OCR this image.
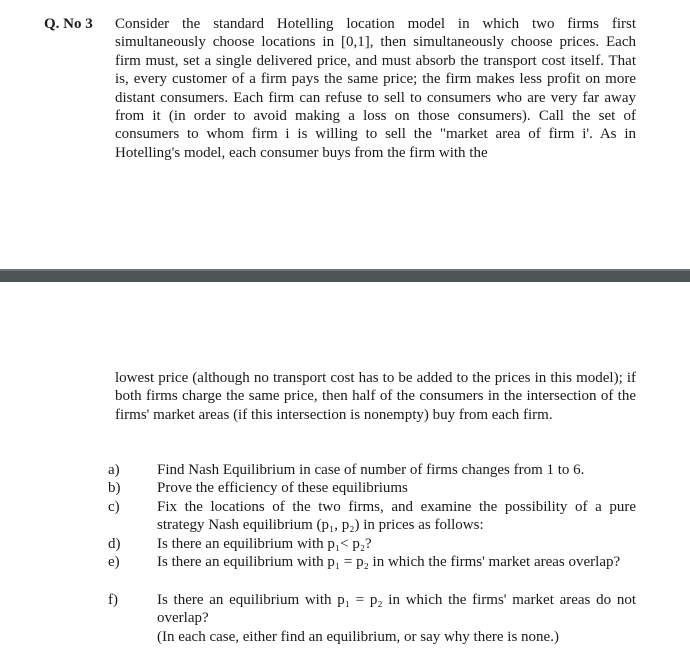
Q. No 3 Consider the standard Hotelling location model in which two firms first simultaneously choose locations in [0,1], then simultaneously choose prices. Each firm must, set a single delivered price, and must absorb the transport cost itself. That is, every customer of a firm pays the same price; the firm makes less profit on more distant consumers. Each firm can refuse to sell to consumers who are very far away from it (in order to avoid making a loss on those consumers). Call the set of consumers to whom firm i is willing to sell the "market area of firm i'. As in Hotelling's model, each consumer buys from the firm with the

lowest price (although no transport cost has to be added to the prices in this model); if both firms charge the same price, then half of the consumers in the intersection of the firms' market areas (if this intersection is nonempty) buy from each firm.

a) Find Nash Equilibrium in case of number of firms changes from 1 to 6.

b) Prove the efficiency of these equilibriums

c) Fix the locations of the two firms, and examine the possibility of a pure strategy Nash equilibrium (p₁, p₂) in prices as follows:

d) Is there an equilibrium with p₁< p₂?

e) Is there an equilibrium with p₁ = p₂ in which the firms' market areas overlap?

f)	Is there an equilibrium with p₁ = p₂ in which the firms' market areas do not overlap?

(In each case, either find an equilibrium, or say why there is none.)
